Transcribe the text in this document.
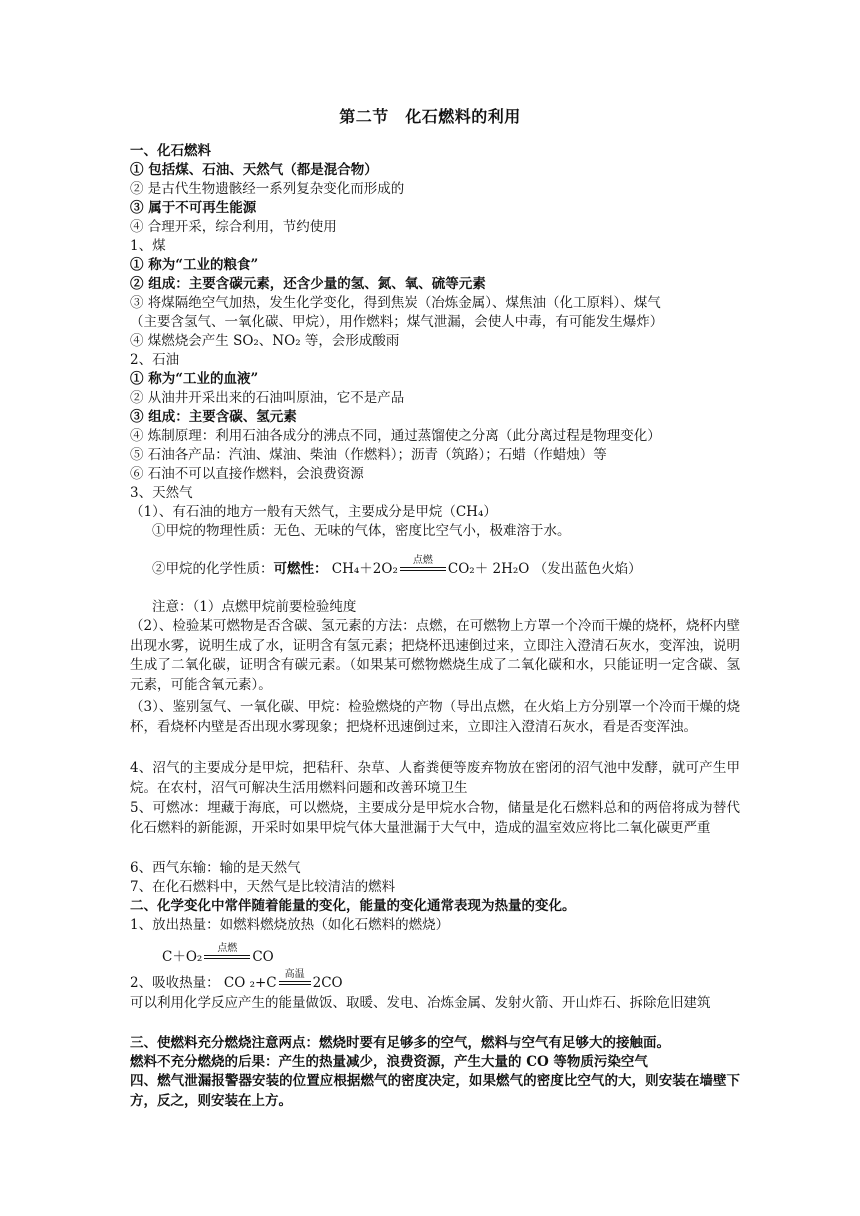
第二节　化石燃料的利用
一、化石燃料
① 包括煤、石油、天然气（都是混合物）
② 是古代生物遗骸经一系列复杂变化而形成的
③ 属于不可再生能源
④ 合理开采，综合利用，节约使用
1、煤
① 称为“工业的粮食”
② 组成：主要含碳元素，还含少量的氢、氮、氧、硫等元素
③ 将煤隔绝空气加热，发生化学变化，得到焦炭（冶炼金属）、煤焦油（化工原料）、煤气
（主要含氢气、一氧化碳、甲烷），用作燃料；煤气泄漏，会使人中毒，有可能发生爆炸）
④ 煤燃烧会产生 SO₂、NO₂ 等，会形成酸雨
2、石油
① 称为“工业的血液”
② 从油井开采出来的石油叫原油，它不是产品
③ 组成：主要含碳、氢元素
④ 炼制原理：利用石油各成分的沸点不同，通过蒸馏使之分离（此分离过程是物理变化）
⑤ 石油各产品：汽油、煤油、柴油（作燃料）；沥青（筑路）；石蜡（作蜡烛）等
⑥ 石油不可以直接作燃料，会浪费资源
3、天然气
（1）、有石油的地方一般有天然气，主要成分是甲烷（CH₄）
①甲烷的物理性质：无色、无味的气体，密度比空气小，极难溶于水。
②甲烷的化学性质：可燃性： CH₄＋2O₂
点燃
CO₂＋ 2H₂O （发出蓝色火焰）
注意：（1）点燃甲烷前要检验纯度
（2）、检验某可燃物是否含碳、氢元素的方法：点燃，在可燃物上方罩一个冷而干燥的烧杯，烧杯内壁出现水雾，说明生成了水，证明含有氢元素；把烧杯迅速倒过来，立即注入澄清石灰水，变浑浊，说明生成了二氧化碳，证明含有碳元素。（如果某可燃物燃烧生成了二氧化碳和水，只能证明一定含碳、氢元素，可能含氧元素）。
（3）、鉴别氢气、一氧化碳、甲烷：检验燃烧的产物（导出点燃，在火焰上方分别罩一个冷而干燥的烧杯，看烧杯内壁是否出现水雾现象；把烧杯迅速倒过来，立即注入澄清石灰水，看是否变浑浊。
4、沼气的主要成分是甲烷，把秸秆、杂草、人畜粪便等废弃物放在密闭的沼气池中发酵，就可产生甲烷。在农村，沼气可解决生活用燃料问题和改善环境卫生
5、可燃冰：埋藏于海底，可以燃烧，主要成分是甲烷水合物，储量是化石燃料总和的两倍将成为替代化石燃料的新能源，开采时如果甲烷气体大量泄漏于大气中，造成的温室效应将比二氧化碳更严重
6、西气东输：输的是天然气
7、在化石燃料中，天然气是比较清洁的燃料
二、化学变化中常伴随着能量的变化，能量的变化通常表现为热量的变化。
1、放出热量：如燃料燃烧放热（如化石燃料的燃烧）
C＋O₂
点燃
CO
2、吸收热量： CO ₂+C
高温
2CO
可以利用化学反应产生的能量做饭、取暖、发电、冶炼金属、发射火箭、开山炸石、拆除危旧建筑
三、使燃料充分燃烧注意两点：燃烧时要有足够多的空气，燃料与空气有足够大的接触面。
燃料不充分燃烧的后果：产生的热量减少，浪费资源，产生大量的 CO 等物质污染空气
四、燃气泄漏报警器安装的位置应根据燃气的密度决定，如果燃气的密度比空气的大，则安装在墙壁下方，反之，则安装在上方。
